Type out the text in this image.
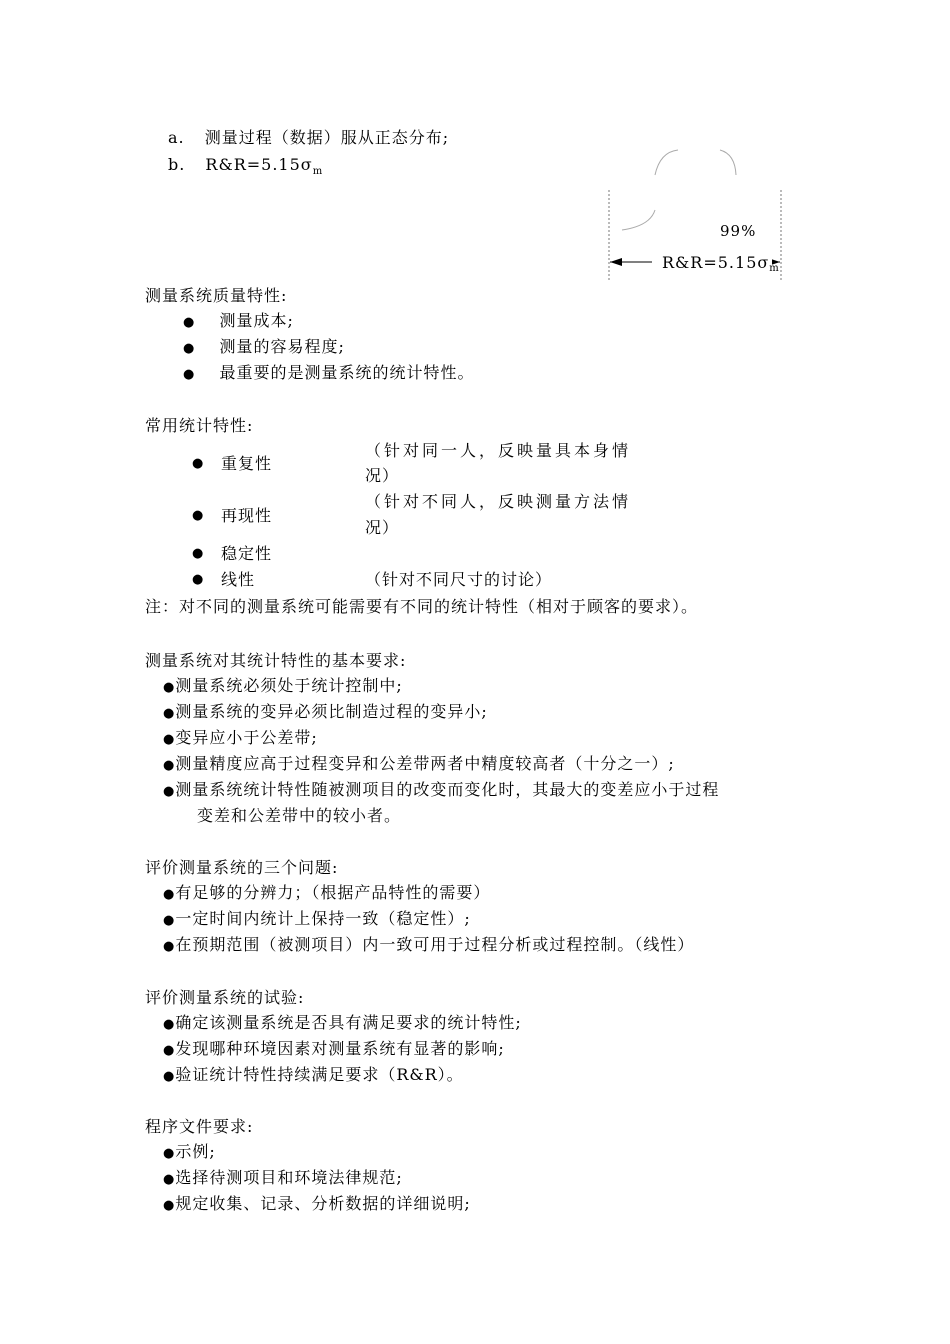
a. 测量过程（数据）服从正态分布;
b. $R\&R=5.15\sigma_m$
99%
R&R=5.15σm
测量系统质量特性:
● 测量成本;
● 测量的容易程度;
● 最重要的是测量系统的统计特性。
常用统计特性:
● 重复性
（针对同一人，反映量具本身情
况）
● 再现性
（针对不同人，反映测量方法情
况）
● 稳定性
● 线性	（针对不同尺寸的讨论）
注：对不同的测量系统可能需要有不同的统计特性（相对于顾客的要求）。
测量系统对其统计特性的基本要求:
●测量系统必须处于统计控制中;
●测量系统的变异必须比制造过程的变异小;
●变异应小于公差带;
●测量精度应高于过程变异和公差带两者中精度较高者（十分之一）;
●测量系统统计特性随被测项目的改变而变化时，其最大的变差应小于过程
变差和公差带中的较小者。
评价测量系统的三个问题:
●有足够的分辨力；（根据产品特性的需要）
●一定时间内统计上保持一致（稳定性）;
●在预期范围（被测项目）内一致可用于过程分析或过程控制。（线性）
评价测量系统的试验:
●确定该测量系统是否具有满足要求的统计特性;
●发现哪种环境因素对测量系统有显著的影响;
●验证统计特性持续满足要求（R&R）。
程序文件要求:
●示例;
●选择待测项目和环境法律规范;
●规定收集、记录、分析数据的详细说明;
